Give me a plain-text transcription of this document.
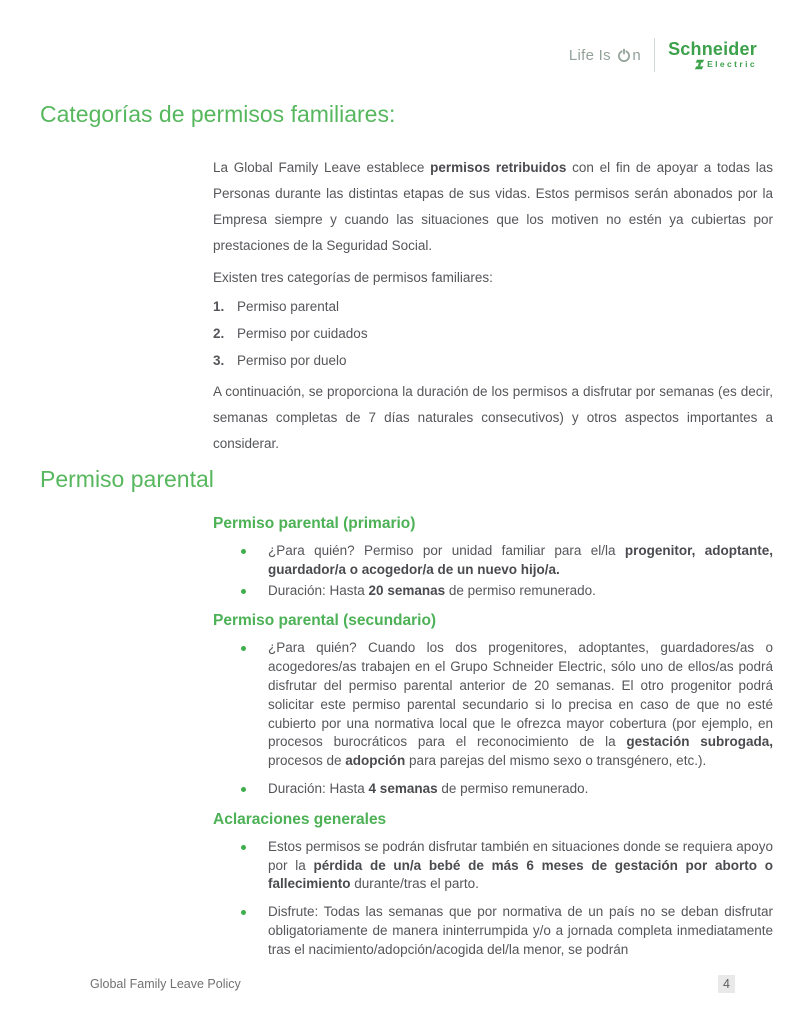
Life Is n Schneider
Electric
Categorías de permisos familiares:

La Global Family Leave establece permisos retribuidos con el fin de apoyar a todas las Personas durante las distintas etapas de sus vidas. Estos permisos serán abonados por la Empresa siempre y cuando las situaciones que los motiven no estén ya cubiertas por prestaciones de la Seguridad Social.

Existen tres categorías de permisos familiares:

1. Permiso parental
2. Permiso por cuidados
3. Permiso por duelo

A continuación, se proporciona la duración de los permisos a disfrutar por semanas (es decir, semanas completas de 7 días naturales consecutivos) y otros aspectos importantes a considerar.

Permiso parental
Permiso parental (primario)
¿Para quién? Permiso por unidad familiar para el/la progenitor, adoptante, guardador/a o acogedor/a de un nuevo hijo/a.
Duración: Hasta 20 semanas de permiso remunerado.
Permiso parental (secundario)
¿Para quién? Cuando los dos progenitores, adoptantes, guardadores/as o acogedores/as trabajen en el Grupo Schneider Electric, sólo uno de ellos/as podrá disfrutar del permiso parental anterior de 20 semanas. El otro progenitor podrá solicitar este permiso parental secundario si lo precisa en caso de que no esté cubierto por una normativa local que le ofrezca mayor cobertura (por ejemplo, en procesos burocráticos para el reconocimiento de la gestación subrogada, procesos de adopción para parejas del mismo sexo o transgénero, etc.).
Duración: Hasta 4 semanas de permiso remunerado.
Aclaraciones generales
Estos permisos se podrán disfrutar también en situaciones donde se requiera apoyo por la pérdida de un/a bebé de más 6 meses de gestación por aborto o fallecimiento durante/tras el parto.
Disfrute: Todas las semanas que por normativa de un país no se deban disfrutar obligatoriamente de manera ininterrumpida y/o a jornada completa inmediatamente tras el nacimiento/adopción/acogida del/la menor, se podrán
Global Family Leave Policy	4
